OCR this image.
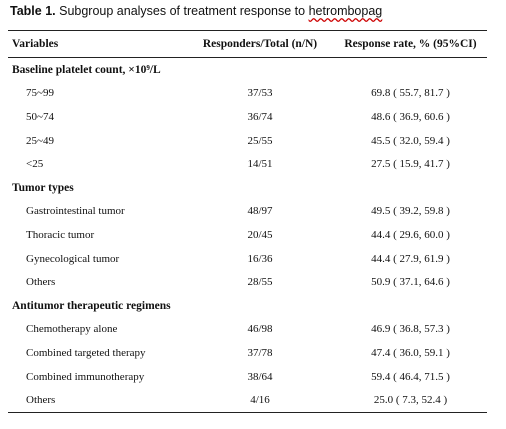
Table 1. Subgroup analyses of treatment response to hetrombopag
Variables	Responders/Total (n/N)	Response rate, % (95%CI)
Baseline platelet count, ×10⁹/L
75~99	37/53	69.8 ( 55.7, 81.7 )
50~74	36/74	48.6 ( 36.9, 60.6 )
25~49	25/55	45.5 ( 32.0, 59.4 )
<25	14/51	27.5 ( 15.9, 41.7 )
Tumor types
Gastrointestinal tumor	48/97	49.5 ( 39.2, 59.8 )
Thoracic tumor	20/45	44.4 ( 29.6, 60.0 )
Gynecological tumor	16/36	44.4 ( 27.9, 61.9 )
Others	28/55	50.9 ( 37.1, 64.6 )
Antitumor therapeutic regimens
Chemotherapy alone	46/98	46.9 ( 36.8, 57.3 )
Combined targeted therapy	37/78	47.4 ( 36.0, 59.1 )
Combined immunotherapy	38/64	59.4 ( 46.4, 71.5 )
Others	4/16	25.0 ( 7.3, 52.4 )
